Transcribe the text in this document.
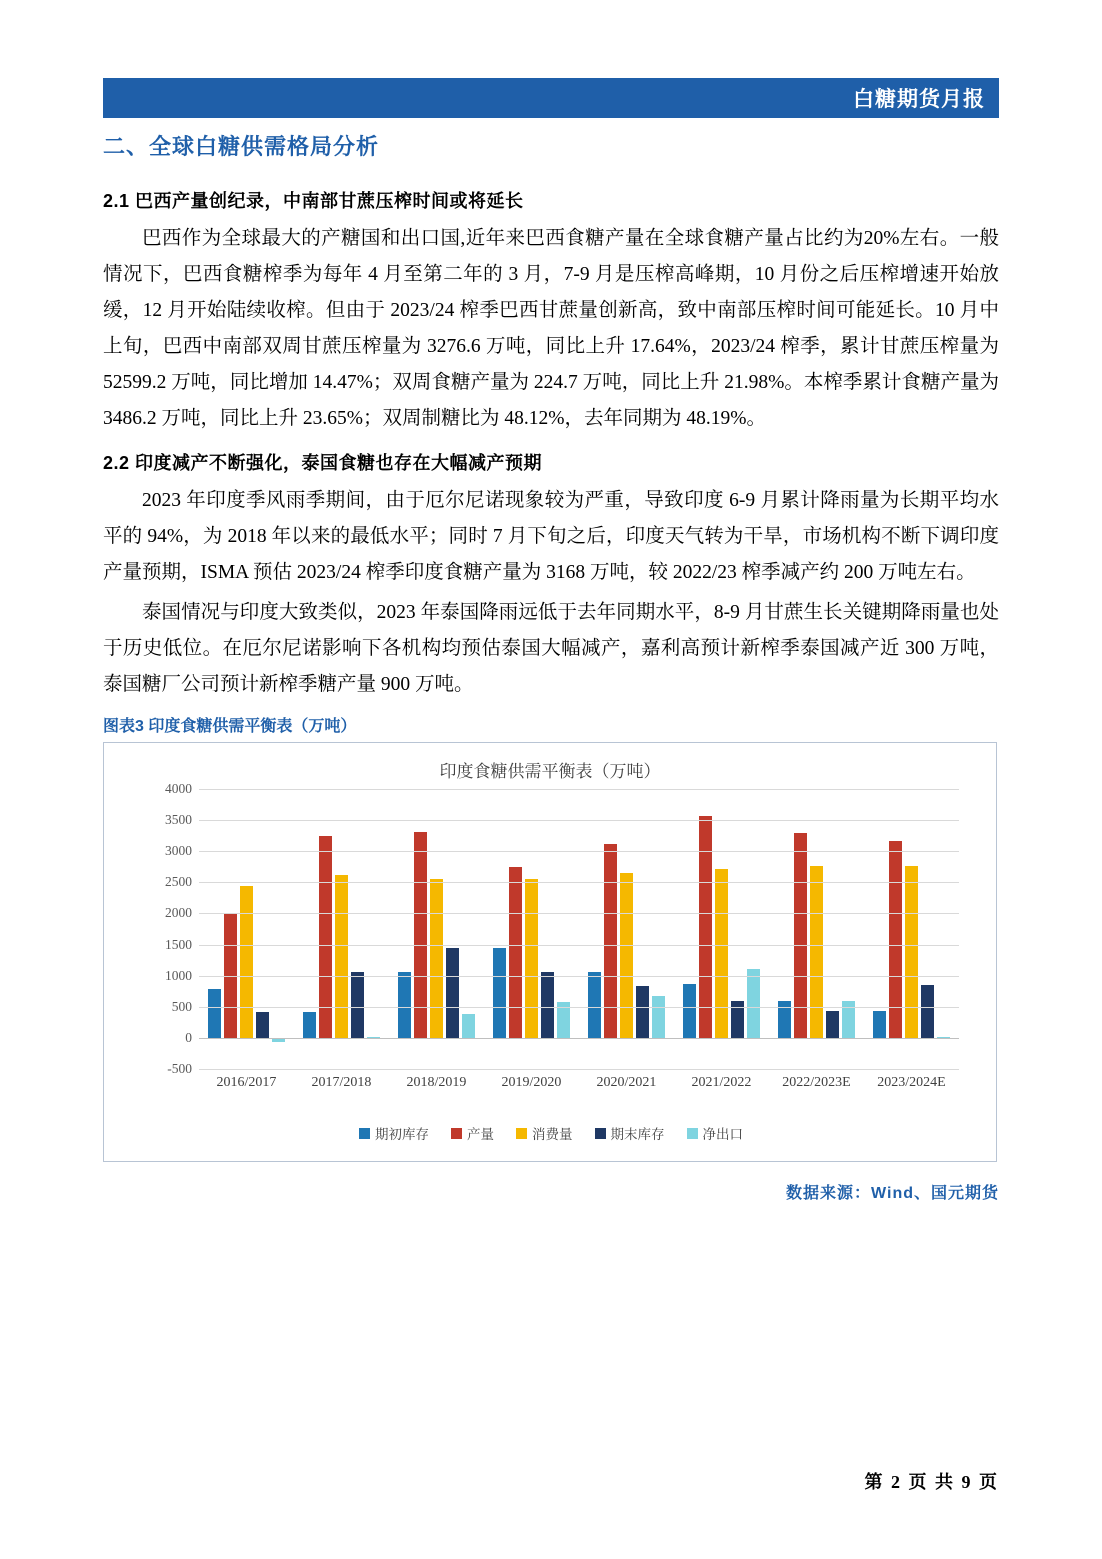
白糖期货月报
二、全球白糖供需格局分析
2.1 巴西产量创纪录，中南部甘蔗压榨时间或将延长

巴西作为全球最大的产糖国和出口国,近年来巴西食糖产量在全球食糖产量占比约为20%左右。一般情况下，巴西食糖榨季为每年 4 月至第二年的 3 月，7-9 月是压榨高峰期，10 月份之后压榨增速开始放缓，12 月开始陆续收榨。但由于 2023/24 榨季巴西甘蔗量创新高，致中南部压榨时间可能延长。10 月中上旬，巴西中南部双周甘蔗压榨量为 3276.6 万吨，同比上升 17.64%，2023/24 榨季，累计甘蔗压榨量为 52599.2 万吨，同比增加 14.47%；双周食糖产量为 224.7 万吨，同比上升 21.98%。本榨季累计食糖产量为 3486.2 万吨，同比上升 23.65%；双周制糖比为 48.12%，去年同期为 48.19%。

2.2 印度减产不断强化，泰国食糖也存在大幅减产预期

2023 年印度季风雨季期间，由于厄尔尼诺现象较为严重，导致印度 6-9 月累计降雨量为长期平均水平的 94%，为 2018 年以来的最低水平；同时 7 月下旬之后，印度天气转为干旱，市场机构不断下调印度产量预期，ISMA 预估 2023/24 榨季印度食糖产量为 3168 万吨，较 2022/23 榨季减产约 200 万吨左右。

泰国情况与印度大致类似，2023 年泰国降雨远低于去年同期水平，8-9 月甘蔗生长关键期降雨量也处于历史低位。在厄尔尼诺影响下各机构均预估泰国大幅减产，嘉利高预计新榨季泰国减产近 300 万吨，泰国糖厂公司预计新榨季糖产量 900 万吨。

图表3 印度食糖供需平衡表（万吨）
印度食糖供需平衡表（万吨）
4000
3500
3000
2500
2000
1500
1000
500
0
-500
2016/2017	2017/2018	2018/2019	2019/2020	2020/2021	2021/2022	2022/2023E	2023/2024E
期初库存	产量	消费量	期末库存	净出口
数据来源：Wind、国元期货
第 2 页 共 9 页
